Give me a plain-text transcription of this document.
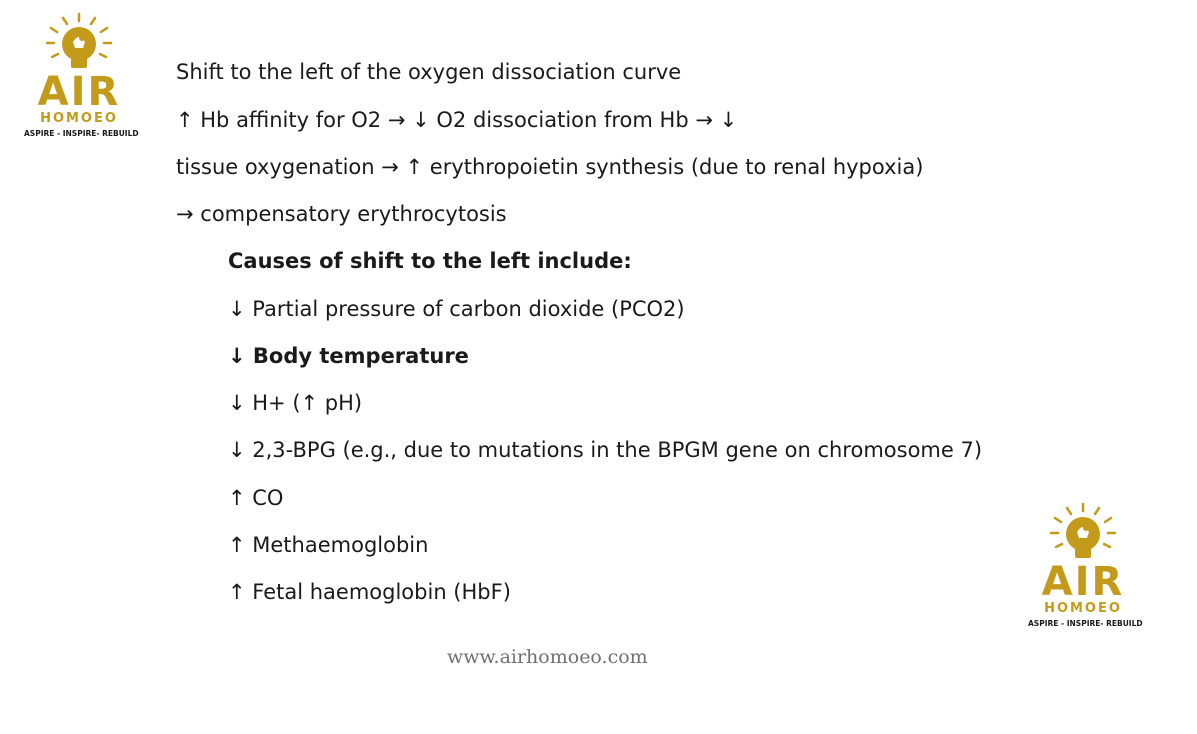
AIR
HOMOEO
ASPIRE - INSPIRE- REBUILD
Shift to the left of the oxygen dissociation curve
↑ Hb affinity for O2 → ↓ O2 dissociation from Hb → ↓
tissue oxygenation → ↑ erythropoietin synthesis (due to renal hypoxia)
→ compensatory erythrocytosis
Causes of shift to the left include:
↓ Partial pressure of carbon dioxide (PCO2)
↓ Body temperature
↓ H+ (↑ pH)
↓ 2,3-BPG (e.g., due to mutations in the BPGM gene on chromosome 7)
↑ CO
↑ Methaemoglobin
↑ Fetal haemoglobin (HbF)	AIR
HOMOEO
ASPIRE - INSPIRE- REBUILD
www.airhomoeo.com
